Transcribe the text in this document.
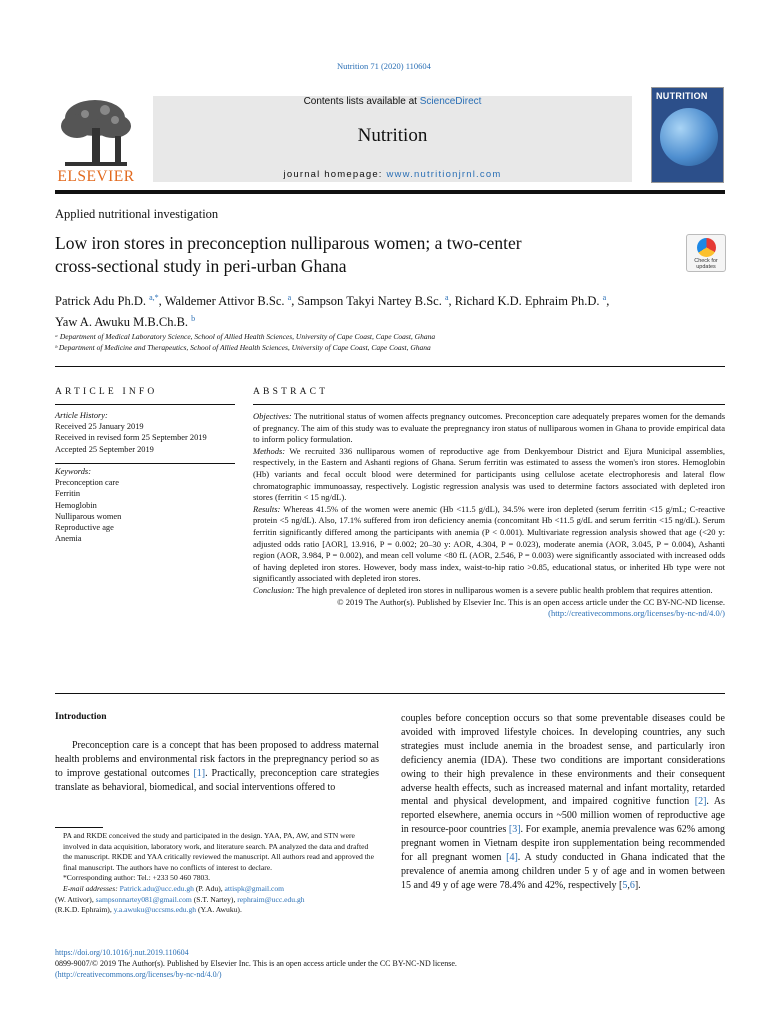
Nutrition 71 (2020) 110604
ELSEVIER
Contents lists available at ScienceDirect
Nutrition
journal homepage: www.nutritionjrnl.com
NUTRITION
Applied nutritional investigation
Low iron stores in preconception nulliparous women; a two-center
cross-sectional study in peri-urban Ghana	Check for updates
Patrick Adu Ph.D. $^{a,*}$, Waldemer Attivor B.Sc. $^a$, Sampson Takyi Nartey B.Sc. $^a$, Richard K.D. Ephraim Ph.D. $^a$,
Yaw A. Awuku M.B.Ch.B. $^b$
ᵃ Department of Medical Laboratory Science, School of Allied Health Sciences, University of Cape Coast, Cape Coast, Ghana
ᵇ Department of Medicine and Therapeutics, School of Allied Health Sciences, University of Cape Coast, Cape Coast, Ghana
ARTICLE INFO
Article History:
Received 25 January 2019
Received in revised form 25 September 2019
Accepted 25 September 2019
Keywords:
Preconception care
Ferritin
Hemoglobin
Nulliparous women
Reproductive age
Anemia
ABSTRACT

Objectives: The nutritional status of women affects pregnancy outcomes. Preconception care adequately prepares women for the demands of pregnancy. The aim of this study was to evaluate the prepregnancy iron status of nulliparous women in Ghana to provide empirical data to inform policy formulation.

Methods: We recruited 336 nulliparous women of reproductive age from Denkyembour District and Ejura Municipal assemblies, respectively, in the Eastern and Ashanti regions of Ghana. Serum ferritin was estimated to assess the women's iron stores. Hemoglobin (Hb) variants and fecal occult blood were determined for participants using cellulose acetate electrophoresis and lateral flow chromatographic immunoassay, respectively. Logistic regression analysis was used to determine factors associated with depleted iron stores (ferritin < 15 ng/dL).

Results: Whereas 41.5% of the women were anemic (Hb <11.5 g/dL), 34.5% were iron depleted (serum ferritin <15 g/mL; C-reactive protein <5 ng/dL). Also, 17.1% suffered from iron deficiency anemia (concomitant Hb <11.5 g/dL and serum ferritin <15 ng/dL). Serum ferritin significantly differed among the participants with anemia (P < 0.001). Multivariate regression analysis showed that age (<20 y: adjusted odds ratio [AOR], 13.916, P = 0.002; 20–30 y: AOR, 4.304, P = 0.023), moderate anemia (AOR, 3.045, P = 0.004), Ashanti region (AOR, 3.984, P = 0.002), and mean cell volume <80 fL (AOR, 2.546, P = 0.003) were significantly associated with increased odds of having depleted iron stores. However, body mass index, waist-to-hip ratio >0.85, educational status, or inherited Hb type were not significantly associated with depleted iron stores.

Conclusion: The high prevalence of depleted iron stores in nulliparous women is a severe public health problem that requires attention.

© 2019 The Author(s). Published by Elsevier Inc. This is an open access article under the CC BY-NC-ND license.

(http://creativecommons.org/licenses/by-nc-nd/4.0/)

Introduction
Preconception care is a concept that has been proposed to address maternal health problems and environmental risk factors in the prepregnancy period so as to improve gestational outcomes [1]. Practically, preconception care strategies translate as behavioral, biomedical, and social interventions offered to
couples before conception occurs so that some preventable diseases could be avoided with improved lifestyle choices. In developing countries, any such strategies must include anemia in the broadest sense, and particularly iron deficiency anemia (IDA). These two conditions are important considerations owing to their high prevalence in these environments and their consequent adverse health effects, such as increased maternal and infant mortality, retarded mental and physical development, and impaired cognitive function [2]. As reported elsewhere, anemia occurs in ~500 million women of reproductive age in resource-poor countries [3]. For example, anemia prevalence was 62% among pregnant women in Vietnam despite iron supplementation being recommended for all pregnant women [4]. A study conducted in Ghana indicated that the prevalence of anemia among children under 5 y of age and in women between 15 and 49 y of age were 78.4% and 42%, respectively [5,6].

PA and RKDE conceived the study and participated in the design. YAA, PA, AW, and STN were involved in data acquisition, laboratory work, and literature search. PA analyzed the data and drafted the manuscript. RKDE and YAA critically reviewed the manuscript. All authors read and approved the final manuscript. The authors have no conflicts of interest to declare.

*Corresponding author: Tel.: +233 50 460 7803.

E-mail addresses: Patrick.adu@ucc.edu.gh (P. Adu), attispk@gmail.com

(W. Attivor), sampsonnartey081@gmail.com (S.T. Nartey), rephraim@ucc.edu.gh

(R.K.D. Ephraim), y.a.awuku@uccsms.edu.gh (Y.A. Awuku).

https://doi.org/10.1016/j.nut.2019.110604
0899-9007/© 2019 The Author(s). Published by Elsevier Inc. This is an open access article under the CC BY-NC-ND license.
(http://creativecommons.org/licenses/by-nc-nd/4.0/)
